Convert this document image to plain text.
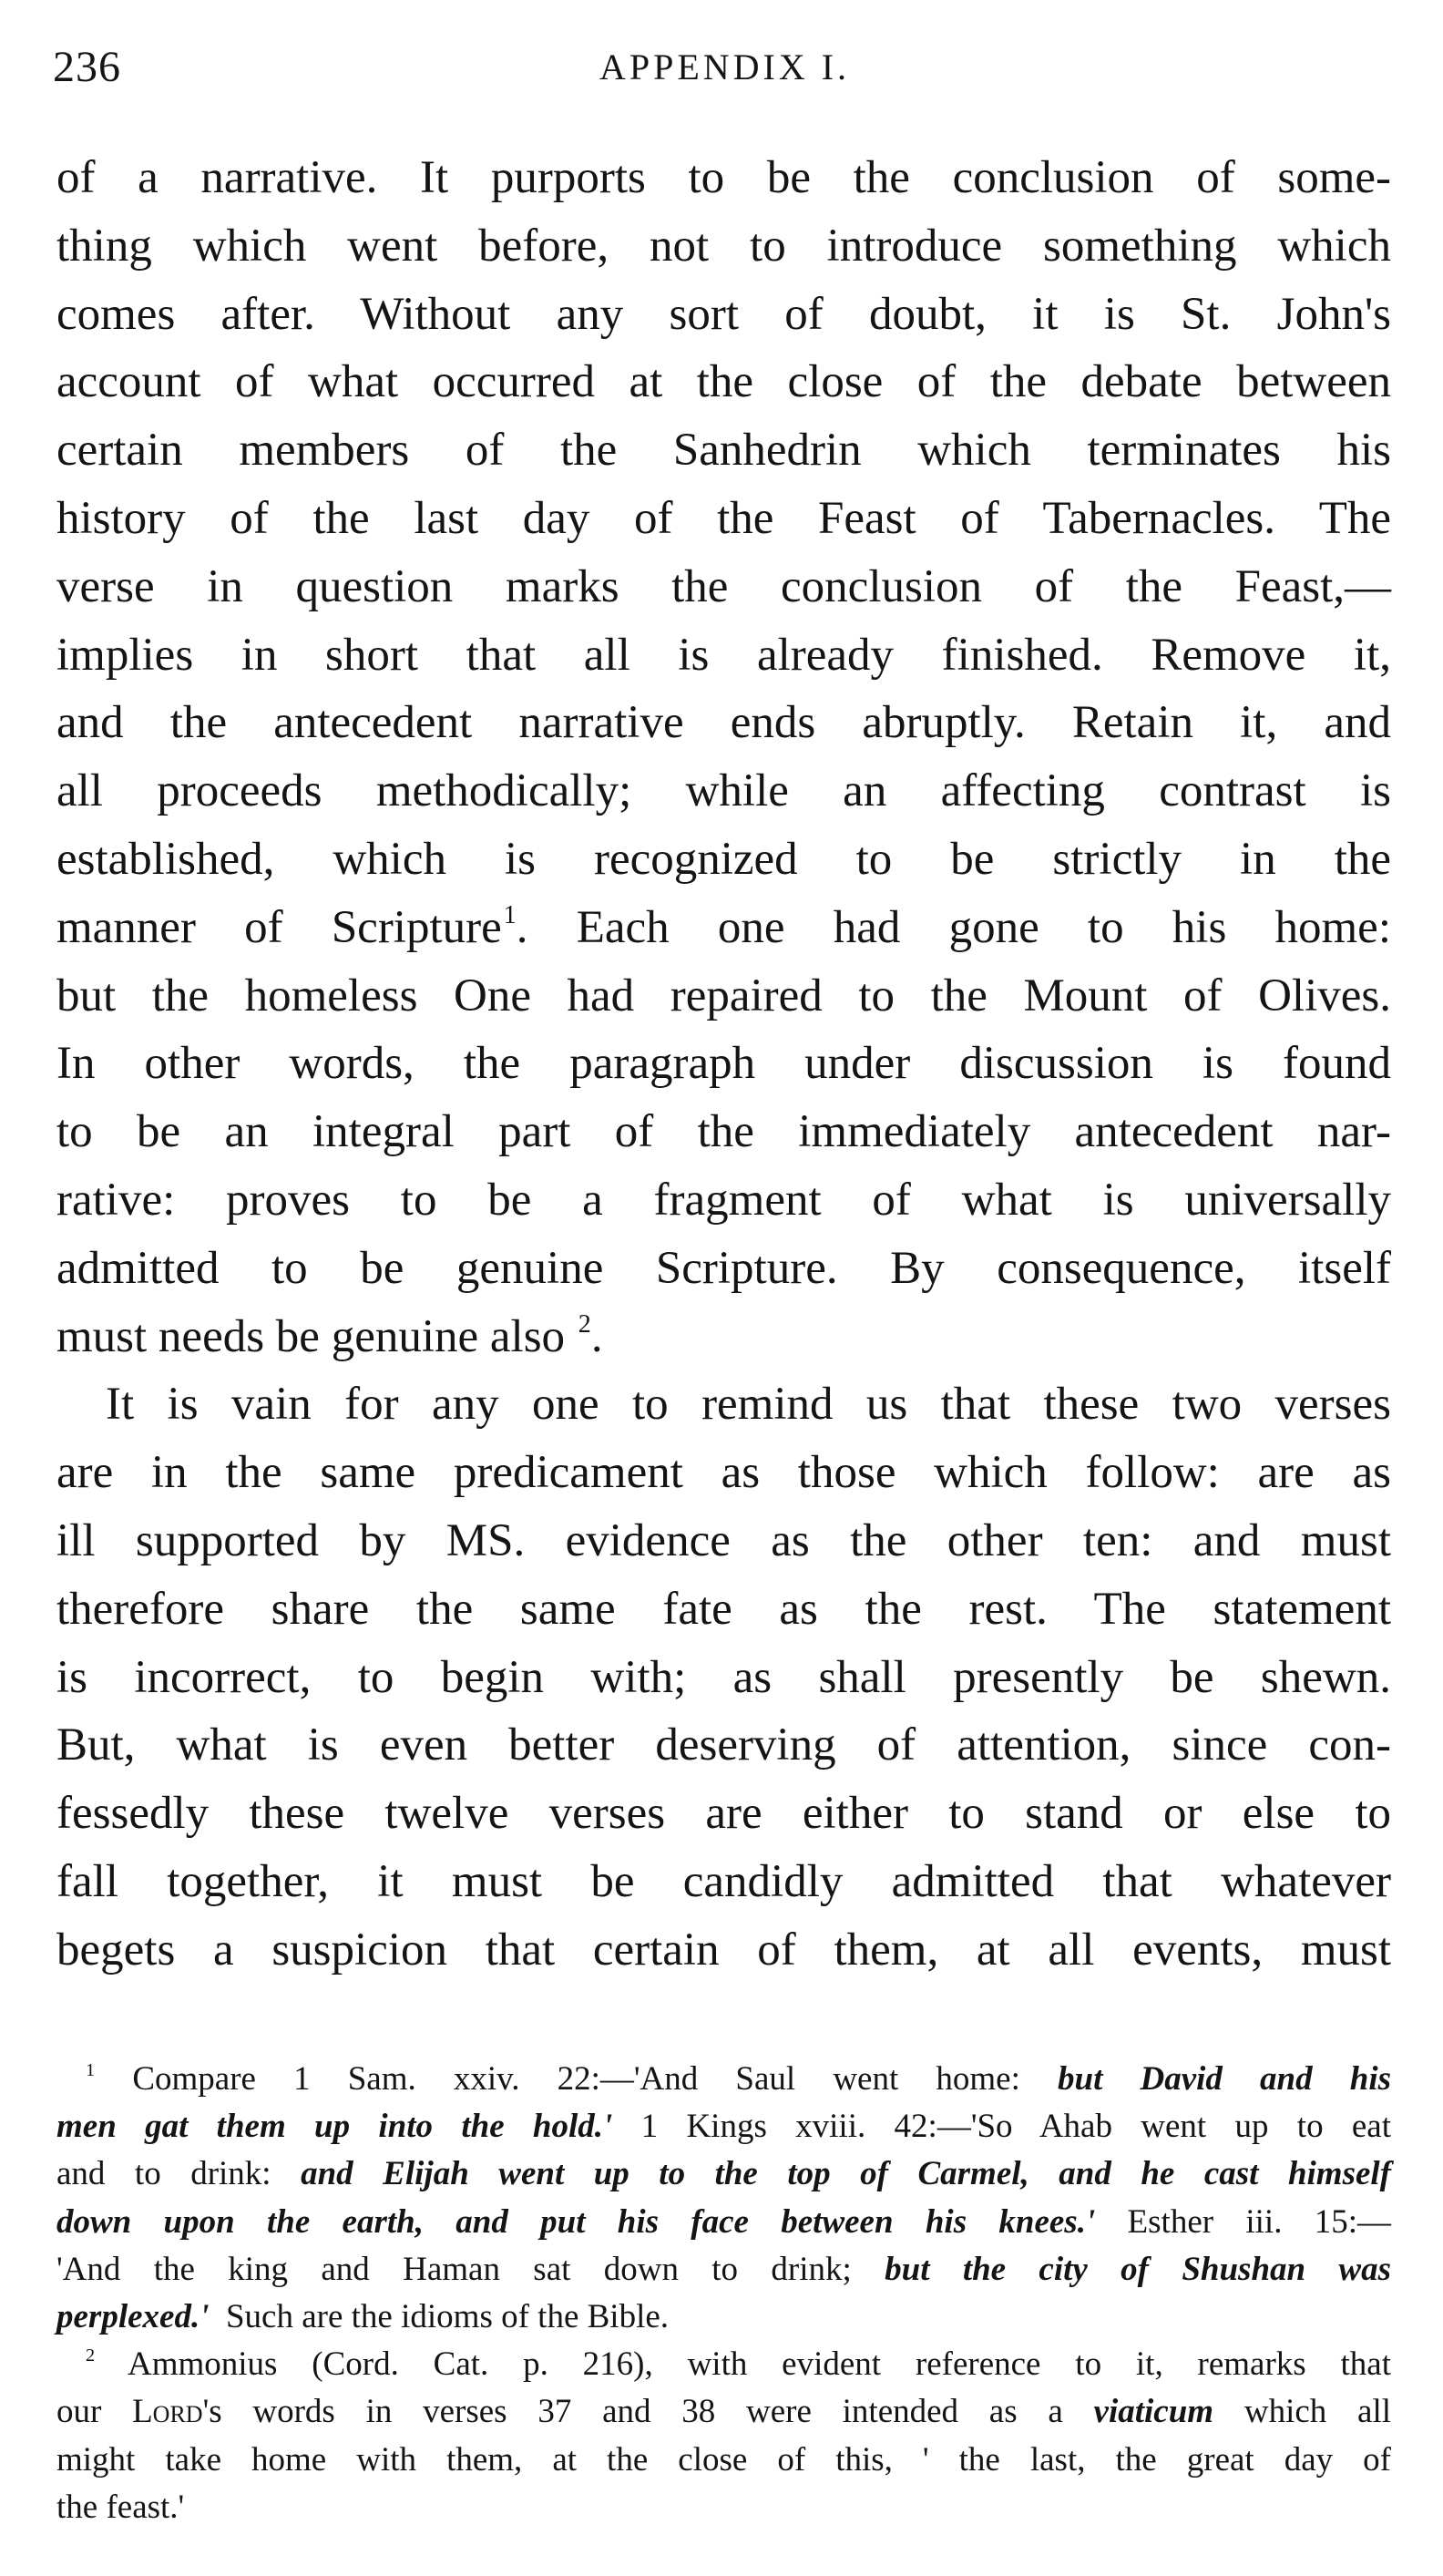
236	APPENDIX I.
of a narrative. It purports to be the conclusion of some-
thing which went before, not to introduce something which
comes after. Without any sort of doubt, it is St. John's
account of what occurred at the close of the debate between
certain members of the Sanhedrin which terminates his
history of the last day of the Feast of Tabernacles. The
verse in question marks the conclusion of the Feast,—
implies in short that all is already finished. Remove it,
and the antecedent narrative ends abruptly. Retain it, and
all proceeds methodically; while an affecting contrast is
established, which is recognized to be strictly in the
manner of Scripture$^1$. Each one had gone to his home:
but the homeless One had repaired to the Mount of Olives.
In other words, the paragraph under discussion is found
to be an integral part of the immediately antecedent nar-
rative: proves to be a fragment of what is universally
admitted to be genuine Scripture. By consequence, itself
must needs be genuine also $^2$.
It is vain for any one to remind us that these two verses
are in the same predicament as those which follow: are as
ill supported by MS. evidence as the other ten: and must
therefore share the same fate as the rest. The statement
is incorrect, to begin with; as shall presently be shewn.
But, what is even better deserving of attention, since con-
fessedly these twelve verses are either to stand or else to
fall together, it must be candidly admitted that whatever
begets a suspicion that certain of them, at all events, must
$^1$ Compare 1 Sam. xxiv. 22:—'And Saul went home: but David and his
men gat them up into the hold.' 1 Kings xviii. 42:—'So Ahab went up to eat
and to drink: and Elijah went up to the top of Carmel, and he cast himself
down upon the earth, and put his face between his knees.' Esther iii. 15:—
'And the king and Haman sat down to drink; but the city of Shushan was
perplexed.' Such are the idioms of the Bible.
$^2$ Ammonius (Cord. Cat. p. 216), with evident reference to it, remarks that
our Lord's words in verses 37 and 38 were intended as a viaticum which all
might take home with them, at the close of this, ' the last, the great day of
the feast.'
